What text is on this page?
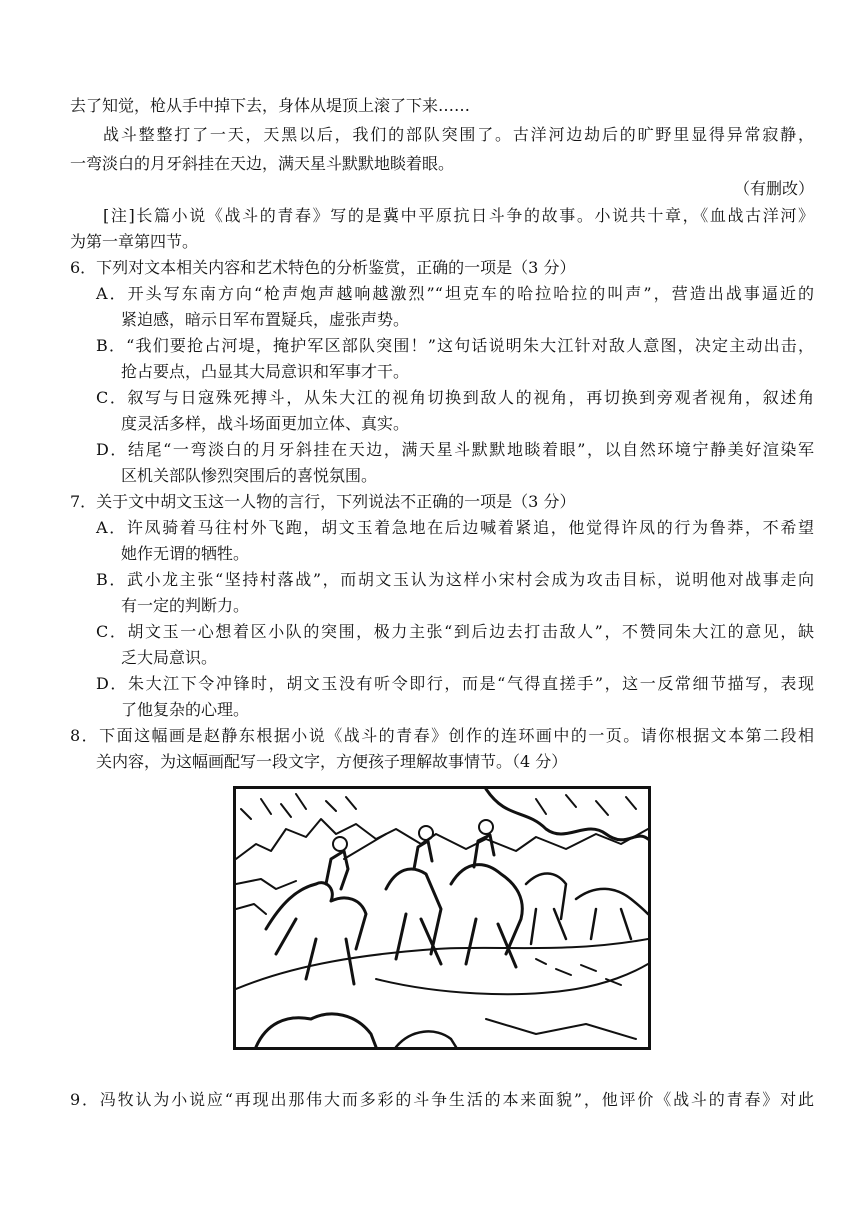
去了知觉，枪从手中掉下去，身体从堤顶上滚了下来……
战斗整整打了一天，天黑以后，我们的部队突围了。古洋河边劫后的旷野里显得异常寂静，
一弯淡白的月牙斜挂在天边，满天星斗默默地睒着眼。
（有删改）
[注]长篇小说《战斗的青春》写的是冀中平原抗日斗争的故事。小说共十章，《血战古洋河》
为第一章第四节。
6．下列对文本相关内容和艺术特色的分析鉴赏，正确的一项是（3 分）
A．开头写东南方向“枪声炮声越响越激烈”“坦克车的哈拉哈拉的叫声”，营造出战事逼近的
紧迫感，暗示日军布置疑兵，虚张声势。
B．“我们要抢占河堤，掩护军区部队突围！”这句话说明朱大江针对敌人意图，决定主动出击，
抢占要点，凸显其大局意识和军事才干。
C．叙写与日寇殊死搏斗，从朱大江的视角切换到敌人的视角，再切换到旁观者视角，叙述角
度灵活多样，战斗场面更加立体、真实。
D．结尾“一弯淡白的月牙斜挂在天边，满天星斗默默地睒着眼”，以自然环境宁静美好渲染军
区机关部队惨烈突围后的喜悦氛围。
7．关于文中胡文玉这一人物的言行，下列说法不正确的一项是（3 分）
A．许凤骑着马往村外飞跑，胡文玉着急地在后边喊着紧追，他觉得许凤的行为鲁莽，不希望
她作无谓的牺牲。
B．武小龙主张“坚持村落战”，而胡文玉认为这样小宋村会成为攻击目标，说明他对战事走向
有一定的判断力。
C．胡文玉一心想着区小队的突围，极力主张“到后边去打击敌人”，不赞同朱大江的意见，缺
乏大局意识。
D．朱大江下令冲锋时，胡文玉没有听令即行，而是“气得直搓手”，这一反常细节描写，表现
了他复杂的心理。
8．下面这幅画是赵静东根据小说《战斗的青春》创作的连环画中的一页。请你根据文本第二段相
关内容，为这幅画配写一段文字，方便孩子理解故事情节。（4 分）
9．冯牧认为小说应“再现出那伟大而多彩的斗争生活的本来面貌”，他评价《战斗的青春》对此
